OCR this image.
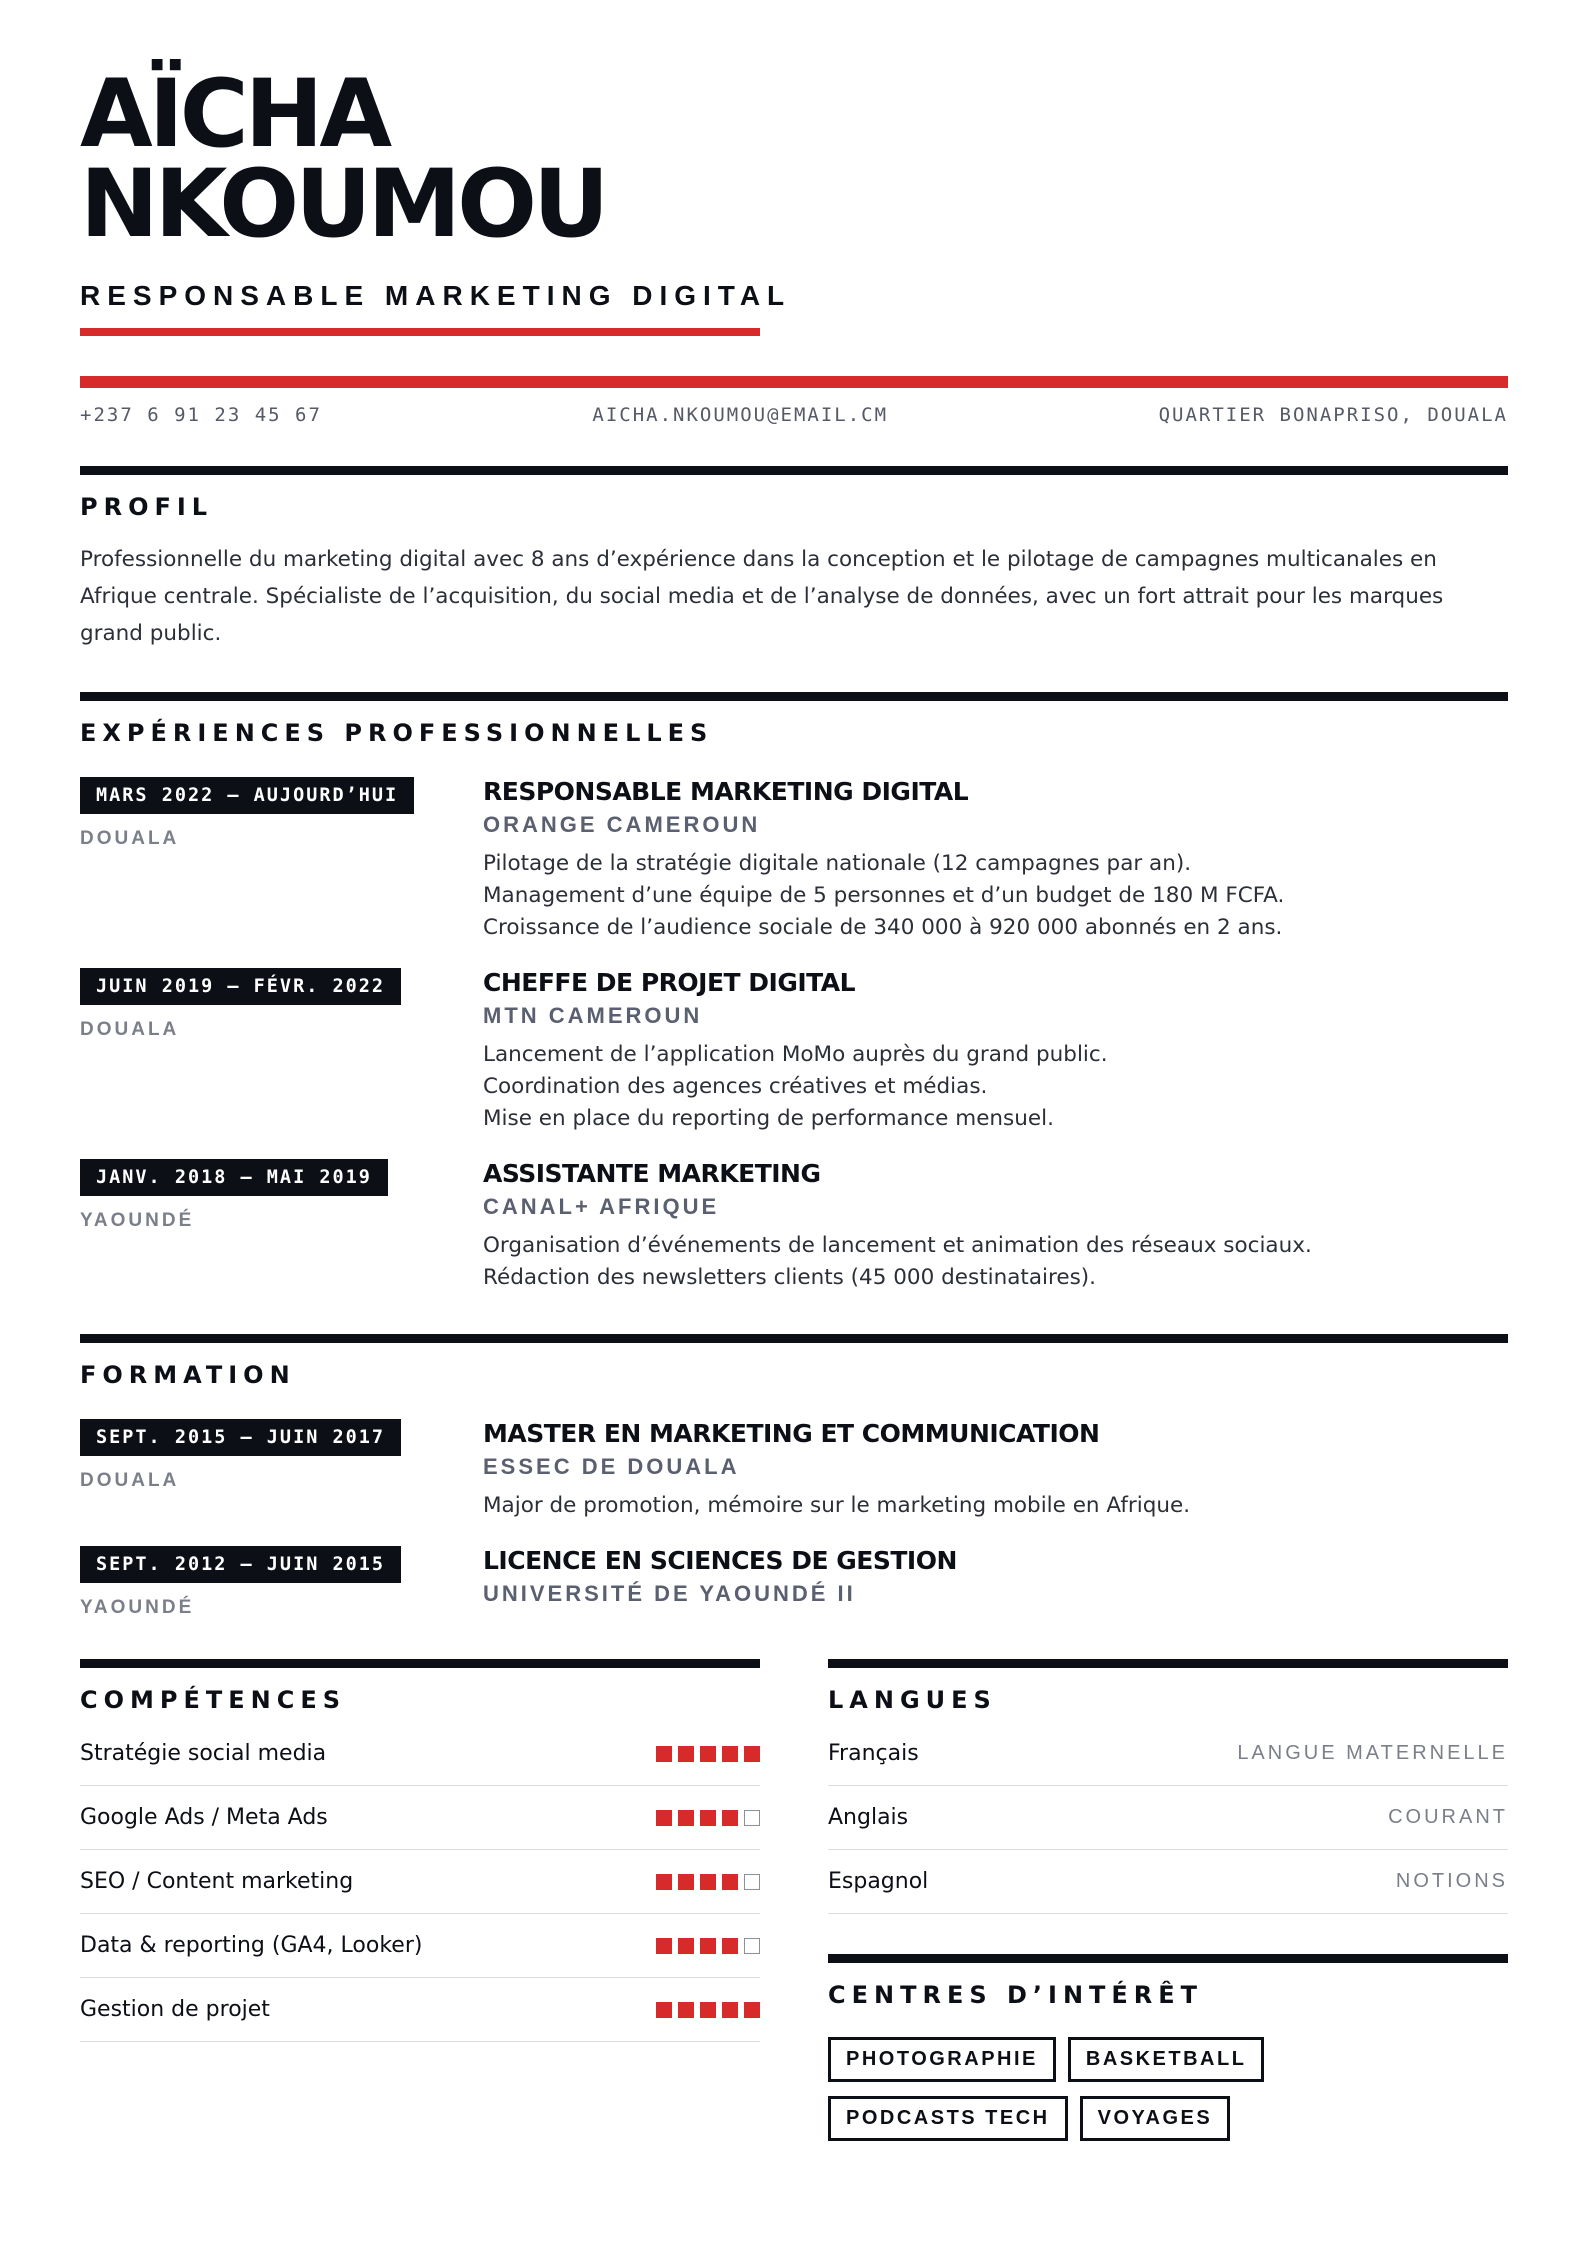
AÏCHA
NKOUMOU
RESPONSABLE MARKETING DIGITAL
+237 6 91 23 45 67	AICHA.NKOUMOU@EMAIL.CM	QUARTIER BONAPRISO, DOUALA
PROFIL

Professionnelle du marketing digital avec 8 ans d’expérience dans la conception et le pilotage de campagnes multicanales en Afrique centrale. Spécialiste de l’acquisition, du social media et de l’analyse de données, avec un fort attrait pour les marques grand public.

EXPÉRIENCES PROFESSIONNELLES
MARS 2022 – AUJOURD’HUI
DOUALA
RESPONSABLE MARKETING DIGITAL
ORANGE CAMEROUN
Pilotage de la stratégie digitale nationale (12 campagnes par an).
Management d’une équipe de 5 personnes et d’un budget de 180 M FCFA.
Croissance de l’audience sociale de 340 000 à 920 000 abonnés en 2 ans.
JUIN 2019 – FÉVR. 2022
DOUALA
CHEFFE DE PROJET DIGITAL
MTN CAMEROUN
Lancement de l’application MoMo auprès du grand public.
Coordination des agences créatives et médias.
Mise en place du reporting de performance mensuel.
JANV. 2018 – MAI 2019
YAOUNDÉ
ASSISTANTE MARKETING
CANAL+ AFRIQUE
Organisation d’événements de lancement et animation des réseaux sociaux.
Rédaction des newsletters clients (45 000 destinataires).
FORMATION
SEPT. 2015 – JUIN 2017
DOUALA
MASTER EN MARKETING ET COMMUNICATION
ESSEC DE DOUALA
Major de promotion, mémoire sur le marketing mobile en Afrique.
SEPT. 2012 – JUIN 2015
YAOUNDÉ
LICENCE EN SCIENCES DE GESTION
UNIVERSITÉ DE YAOUNDÉ II
COMPÉTENCES
Stratégie social media
Google Ads / Meta Ads
SEO / Content marketing
Data & reporting (GA4, Looker)
Gestion de projet
LANGUES
Français	LANGUE MATERNELLE
Anglais	COURANT
Espagnol	NOTIONS
CENTRES D’INTÉRÊT
PHOTOGRAPHIE	BASKETBALL
PODCASTS TECH	VOYAGES
